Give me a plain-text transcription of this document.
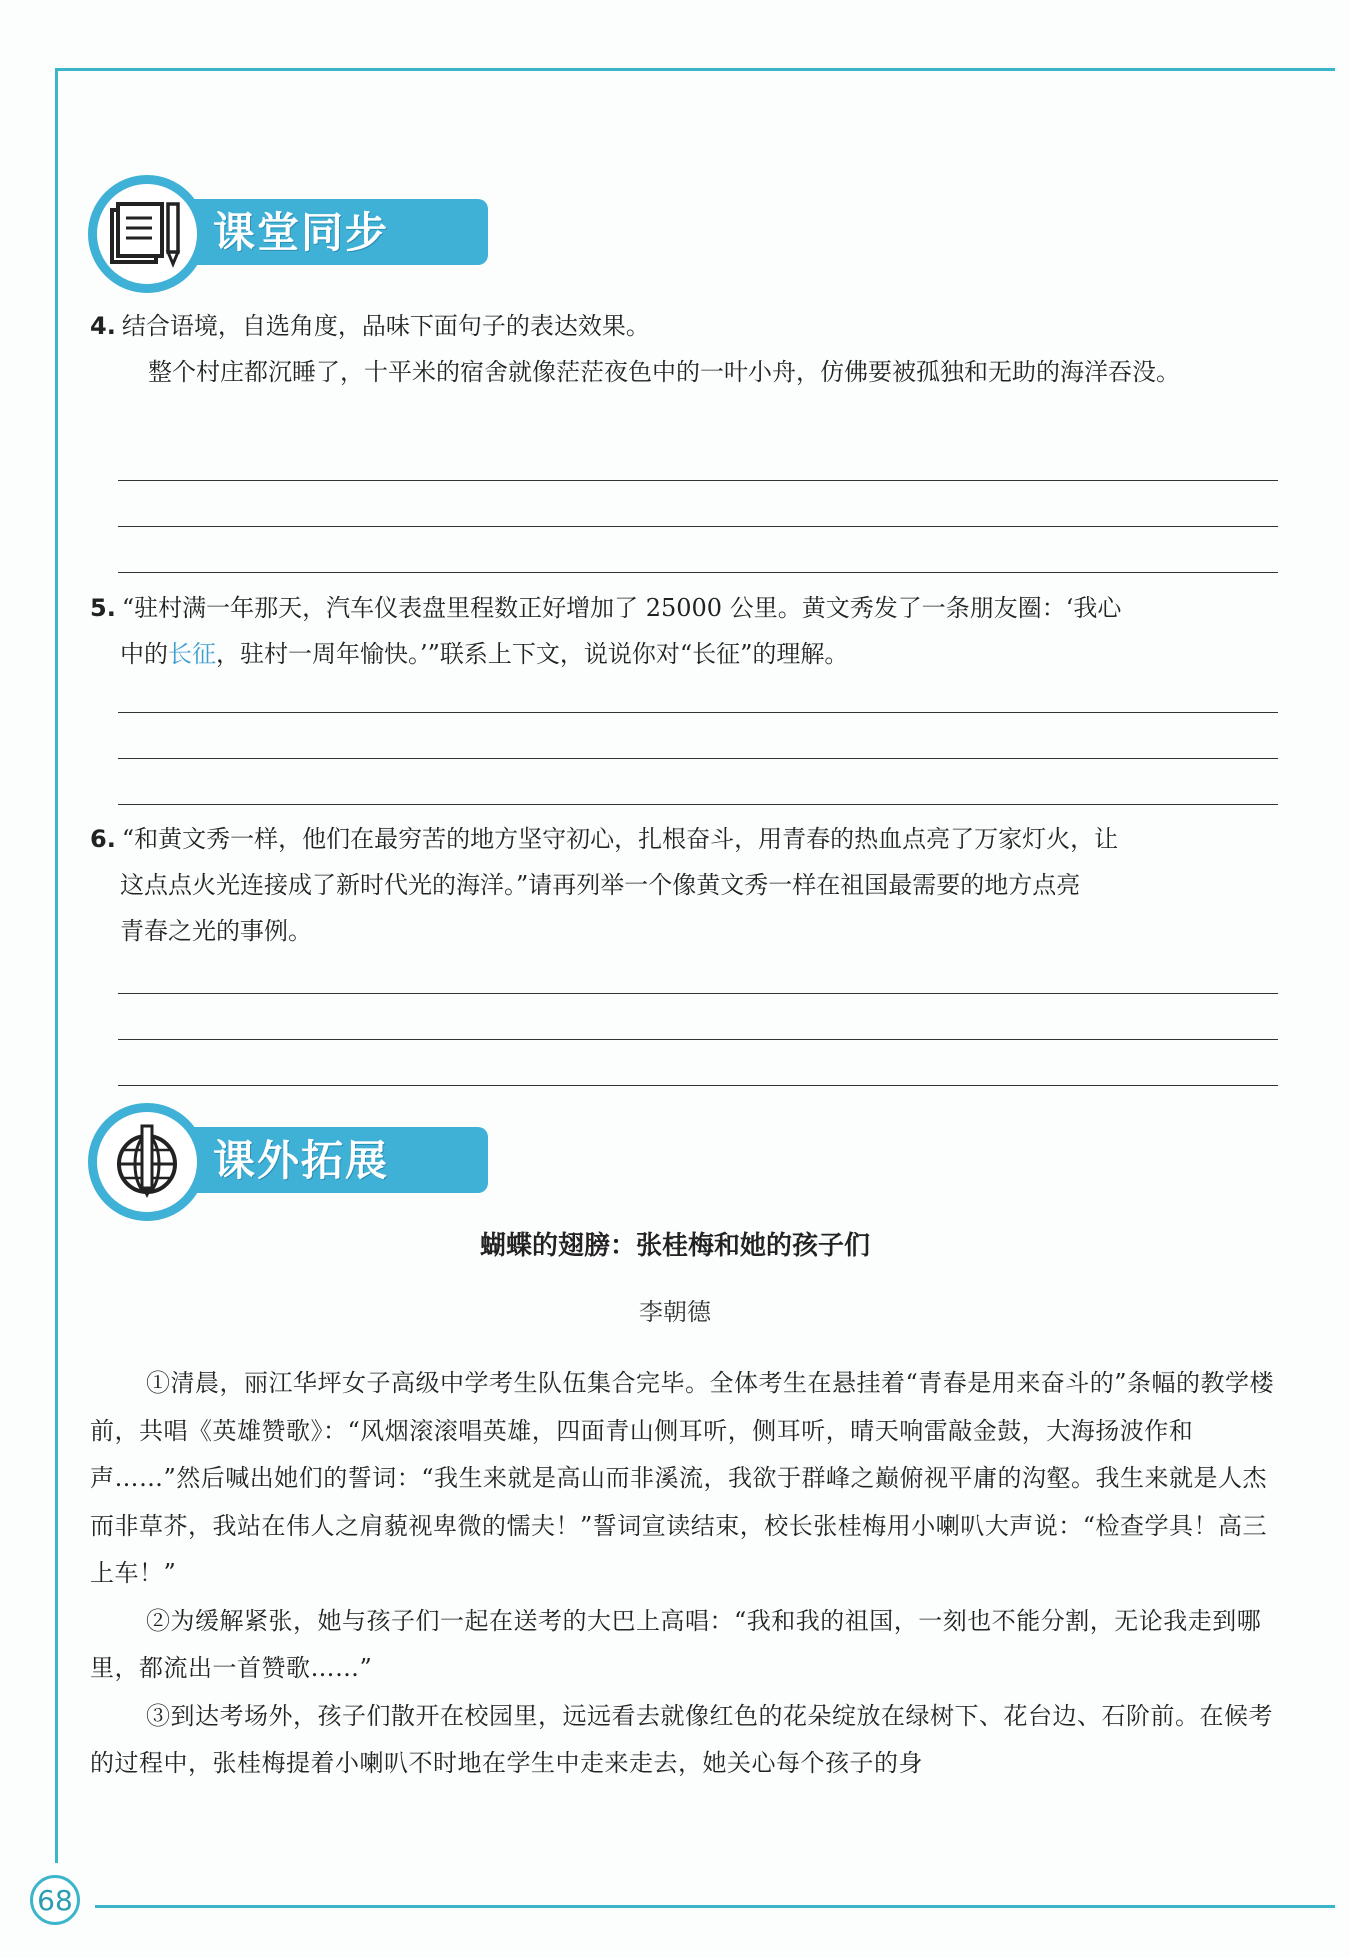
68
课堂同步
4. 结合语境，自选角度，品味下面句子的表达效果。
整个村庄都沉睡了，十平米的宿舍就像茫茫夜色中的一叶小舟，仿佛要被孤独和无助的海洋吞没。
5. “驻村满一年那天，汽车仪表盘里程数正好增加了 25000 公里。黄文秀发了一条朋友圈：‘我心
中的长征，驻村一周年愉快。’”联系上下文，说说你对“长征”的理解。
6. “和黄文秀一样，他们在最穷苦的地方坚守初心，扎根奋斗，用青春的热血点亮了万家灯火，让
这点点火光连接成了新时代光的海洋。”请再列举一个像黄文秀一样在祖国最需要的地方点亮
青春之光的事例。
课外拓展
蝴蝶的翅膀：张桂梅和她的孩子们
李朝德

①清晨，丽江华坪女子高级中学考生队伍集合完毕。全体考生在悬挂着“青春是用来奋斗的”条幅的教学楼前，共唱《英雄赞歌》：“风烟滚滚唱英雄，四面青山侧耳听，侧耳听，晴天响雷敲金鼓，大海扬波作和声……”然后喊出她们的誓词：“我生来就是高山而非溪流，我欲于群峰之巅俯视平庸的沟壑。我生来就是人杰而非草芥，我站在伟人之肩藐视卑微的懦夫！”誓词宣读结束，校长张桂梅用小喇叭大声说：“检查学具！高三上车！”

②为缓解紧张，她与孩子们一起在送考的大巴上高唱：“我和我的祖国，一刻也不能分割，无论我走到哪里，都流出一首赞歌……”

③到达考场外，孩子们散开在校园里，远远看去就像红色的花朵绽放在绿树下、花台边、石阶前。在候考的过程中，张桂梅提着小喇叭不时地在学生中走来走去，她关心每个孩子的身
